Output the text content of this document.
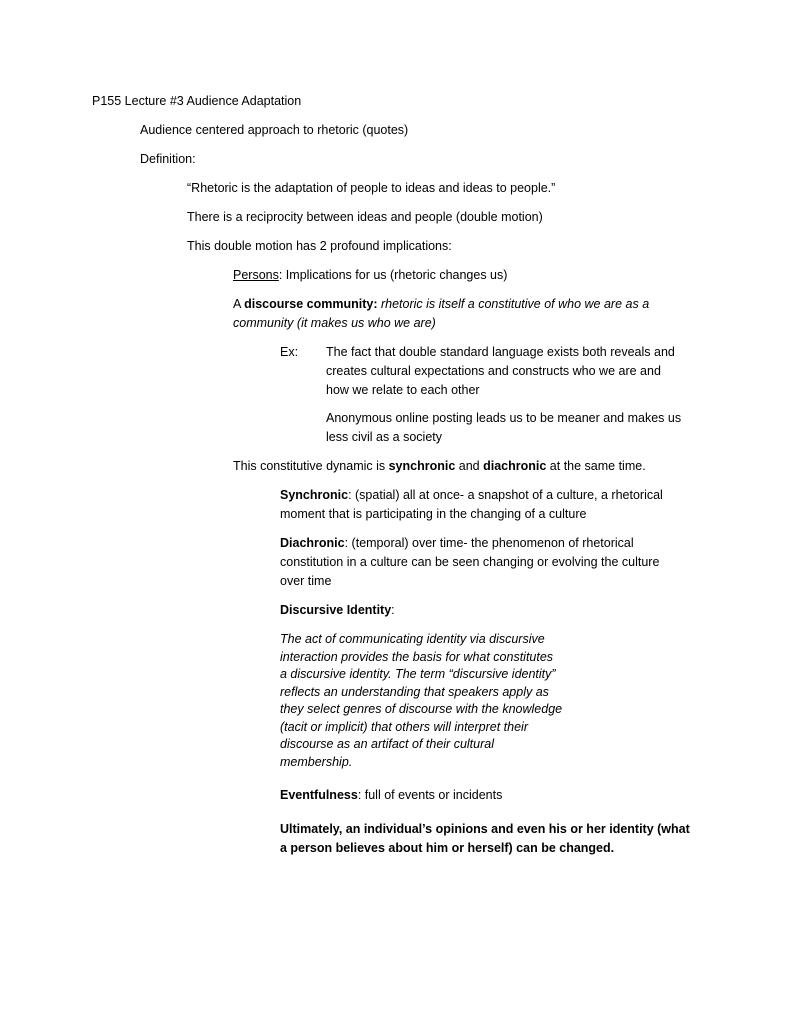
P155 Lecture #3 Audience Adaptation
Audience centered approach to rhetoric (quotes)
Definition:
“Rhetoric is the adaptation of people to ideas and ideas to people.”
There is a reciprocity between ideas and people (double motion)
This double motion has 2 profound implications:
Persons: Implications for us (rhetoric changes us)
A discourse community: rhetoric is itself a constitutive of who we are as a
community (it makes us who we are)
Ex: The fact that double standard language exists both reveals and
creates cultural expectations and constructs who we are and
how we relate to each other
Anonymous online posting leads us to be meaner and makes us
less civil as a society
This constitutive dynamic is synchronic and diachronic at the same time.
Synchronic: (spatial) all at once- a snapshot of a culture, a rhetorical
moment that is participating in the changing of a culture
Diachronic: (temporal) over time- the phenomenon of rhetorical
constitution in a culture can be seen changing or evolving the culture
over time
Discursive Identity:
The act of communicating identity via discursive
interaction provides the basis for what constitutes
a discursive identity. The term “discursive identity”
reflects an understanding that speakers apply as
they select genres of discourse with the knowledge
(tacit or implicit) that others will interpret their
discourse as an artifact of their cultural
membership.
Eventfulness: full of events or incidents
Ultimately, an individual’s opinions and even his or her identity (what
a person believes about him or herself) can be changed.
